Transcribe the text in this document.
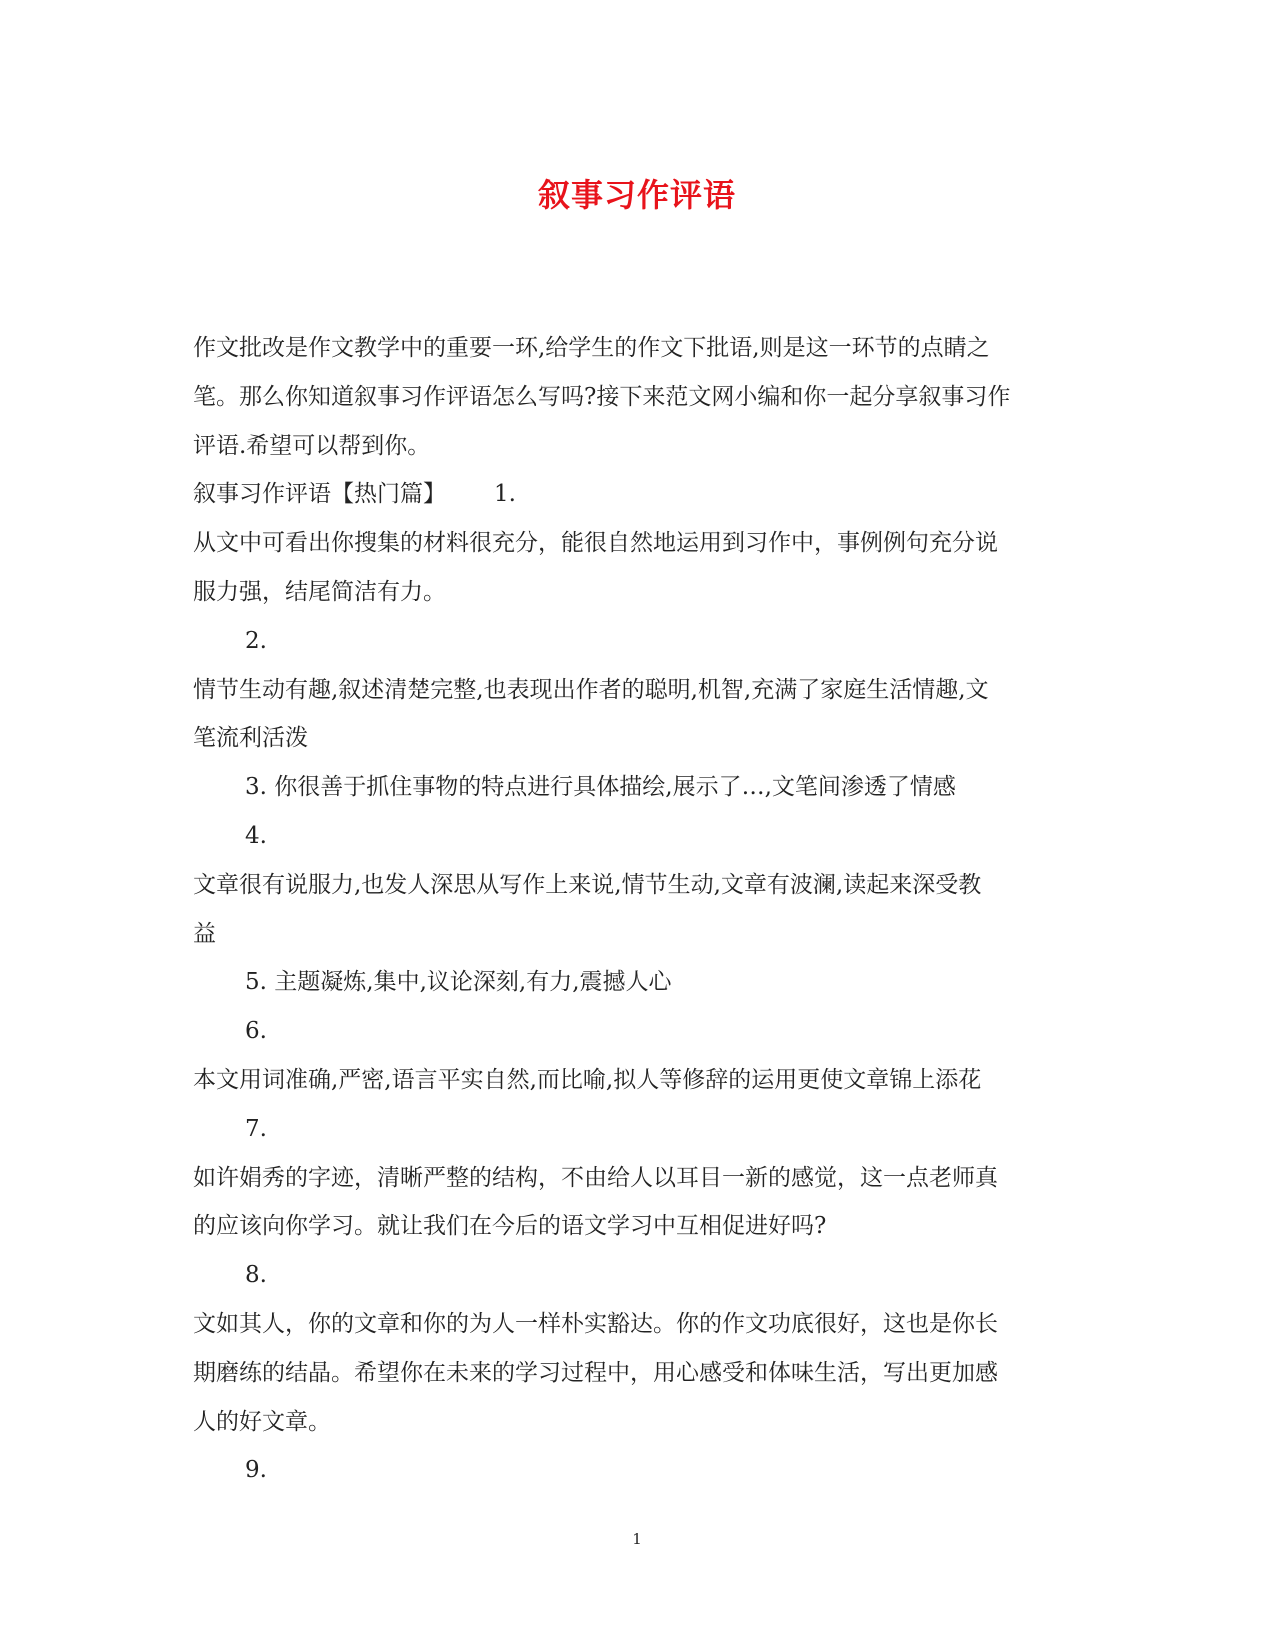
叙事习作评语
作文批改是作文教学中的重要一环,给学生的作文下批语,则是这一环节的点睛之
笔。那么你知道叙事习作评语怎么写吗?接下来范文网小编和你一起分享叙事习作
评语.希望可以帮到你。
叙事习作评语【热门篇】 1.
从文中可看出你搜集的材料很充分，能很自然地运用到习作中，事例例句充分说
服力强，结尾简洁有力。
2.
情节生动有趣,叙述清楚完整,也表现出作者的聪明,机智,充满了家庭生活情趣,文
笔流利活泼
3. 你很善于抓住事物的特点进行具体描绘,展示了…,文笔间渗透了情感
4.
文章很有说服力,也发人深思从写作上来说,情节生动,文章有波澜,读起来深受教
益
5. 主题凝炼,集中,议论深刻,有力,震撼人心
6.
本文用词准确,严密,语言平实自然,而比喻,拟人等修辞的运用更使文章锦上添花
7.
如许娟秀的字迹，清晰严整的结构，不由给人以耳目一新的感觉，这一点老师真
的应该向你学习。就让我们在今后的语文学习中互相促进好吗?
8.
文如其人，你的文章和你的为人一样朴实豁达。你的作文功底很好，这也是你长
期磨练的结晶。希望你在未来的学习过程中，用心感受和体味生活，写出更加感
人的好文章。
9.
1
